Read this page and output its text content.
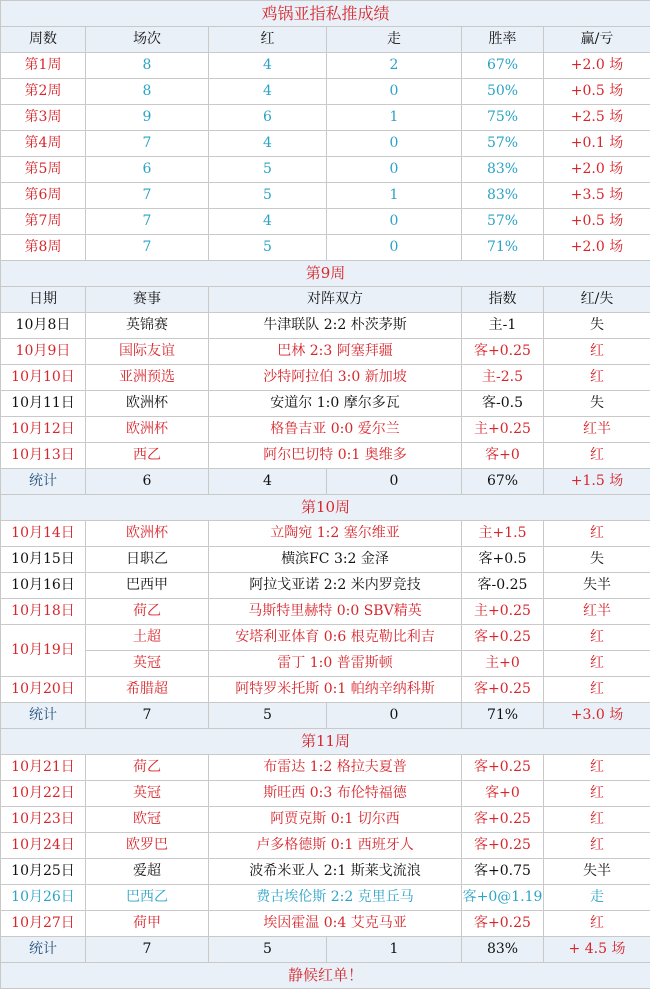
鸡锅亚指私推成绩					
周数	场次	红	走	胜率	赢/亏
第1周	8	4	2	67%	+2.0 场
第2周	8	4	0	50%	+0.5 场
第3周	9	6	1	75%	+2.5 场
第4周	7	4	0	57%	+0.1 场
第5周	6	5	0	83%	+2.0 场
第6周	7	5	1	83%	+3.5 场
第7周	7	4	0	57%	+0.5 场
第8周	7	5	0	71%	+2.0 场
第9周					
日期	赛事	对阵双方		指数	红/失
10月8日	英锦赛	牛津联队 2:2 朴茨茅斯		主-1	失
10月9日	国际友谊	巴林 2:3 阿塞拜疆		客+0.25	红
10月10日	亚洲预选	沙特阿拉伯 3:0 新加坡		主-2.5	红
10月11日	欧洲杯	安道尔 1:0 摩尔多瓦		客-0.5	失
10月12日	欧洲杯	格鲁吉亚 0:0 爱尔兰		主+0.25	红半
10月13日	西乙	阿尔巴切特 0:1 奥维多		客+0	红
统计	6	4	0	67%	+1.5 场
第10周					
10月14日	欧洲杯	立陶宛 1:2 塞尔维亚		主+1.5	红
10月15日	日职乙	横滨FC 3:2 金泽		客+0.5	失
10月16日	巴西甲	阿拉戈亚诺 2:2 米内罗竞技		客-0.25	失半
10月18日	荷乙	马斯特里赫特 0:0 SBV精英		主+0.25	红半
10月19日	土超	安塔利亚体育 0:6 根克勒比利吉		客+0.25	红
	英冠	雷丁 1:0 普雷斯顿		主+0	红
10月20日	希腊超	阿特罗米托斯 0:1 帕纳辛纳科斯		客+0.25	红
统计	7	5	0	71%	+3.0 场
第11周					
10月21日	荷乙	布雷达 1:2 格拉夫夏普		客+0.25	红
10月22日	英冠	斯旺西 0:3 布伦特福德		客+0	红
10月23日	欧冠	阿贾克斯 0:1 切尔西		客+0.25	红
10月24日	欧罗巴	卢多格德斯 0:1 西班牙人		客+0.25	红
10月25日	爱超	波希米亚人 2:1 斯莱戈流浪		客+0.75	失半
10月26日	巴西乙	费古埃伦斯 2:2 克里丘马		客+0@1.19	走
10月27日	荷甲	埃因霍温 0:4 艾克马亚		客+0.25	红
统计	7	5	1	83%	+ 4.5 场
静候红单！					
